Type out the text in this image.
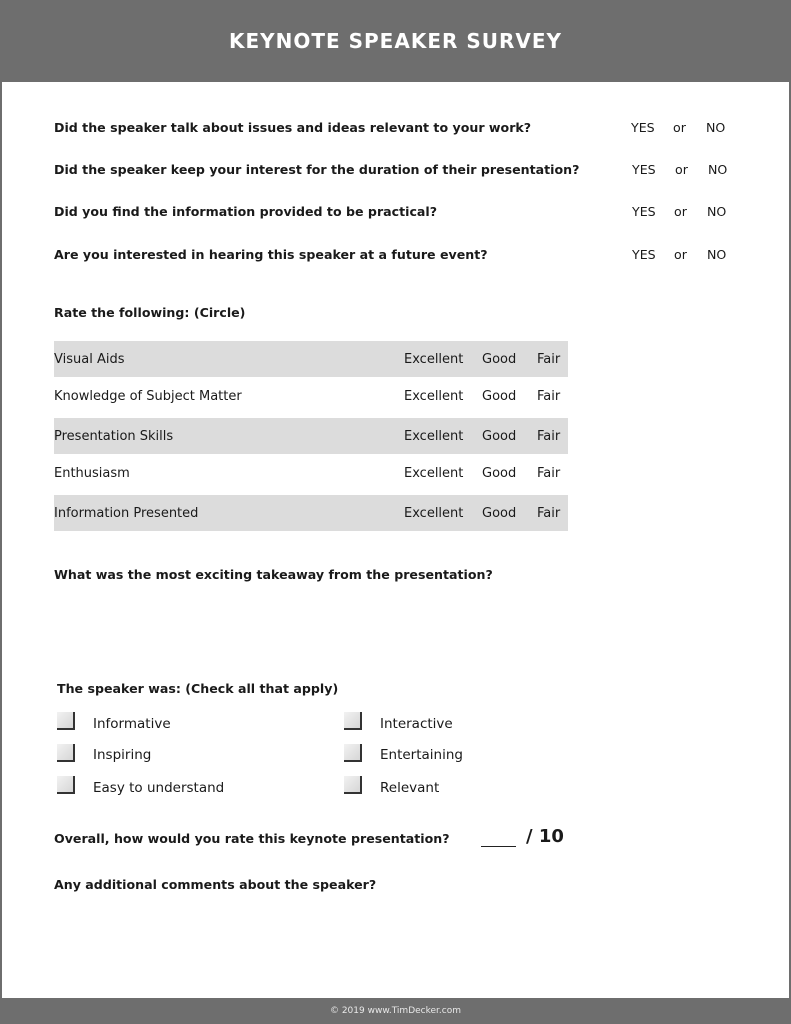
KEYNOTE SPEAKER SURVEY
Did the speaker talk about issues and ideas relevant to your work?	YES or NO
Did the speaker keep your interest for the duration of their presentation?	YES or NO
Did you find the information provided to be practical?	YES or NO
Are you interested in hearing this speaker at a future event?	YES or NO
Rate the following: (Circle)
Visual Aids	Excellent Good Fair
Knowledge of Subject Matter	Excellent Good Fair
Presentation Skills	Excellent Good Fair
Enthusiasm	Excellent Good Fair
Information Presented	Excellent Good Fair
What was the most exciting takeaway from the presentation?
The speaker was: (Check all that apply)
Informative	Interactive
Inspiring	Entertaining
Easy to understand	Relevant
Overall, how would you rate this keynote presentation?	/ 10
Any additional comments about the speaker?
© 2019 www.TimDecker.com
